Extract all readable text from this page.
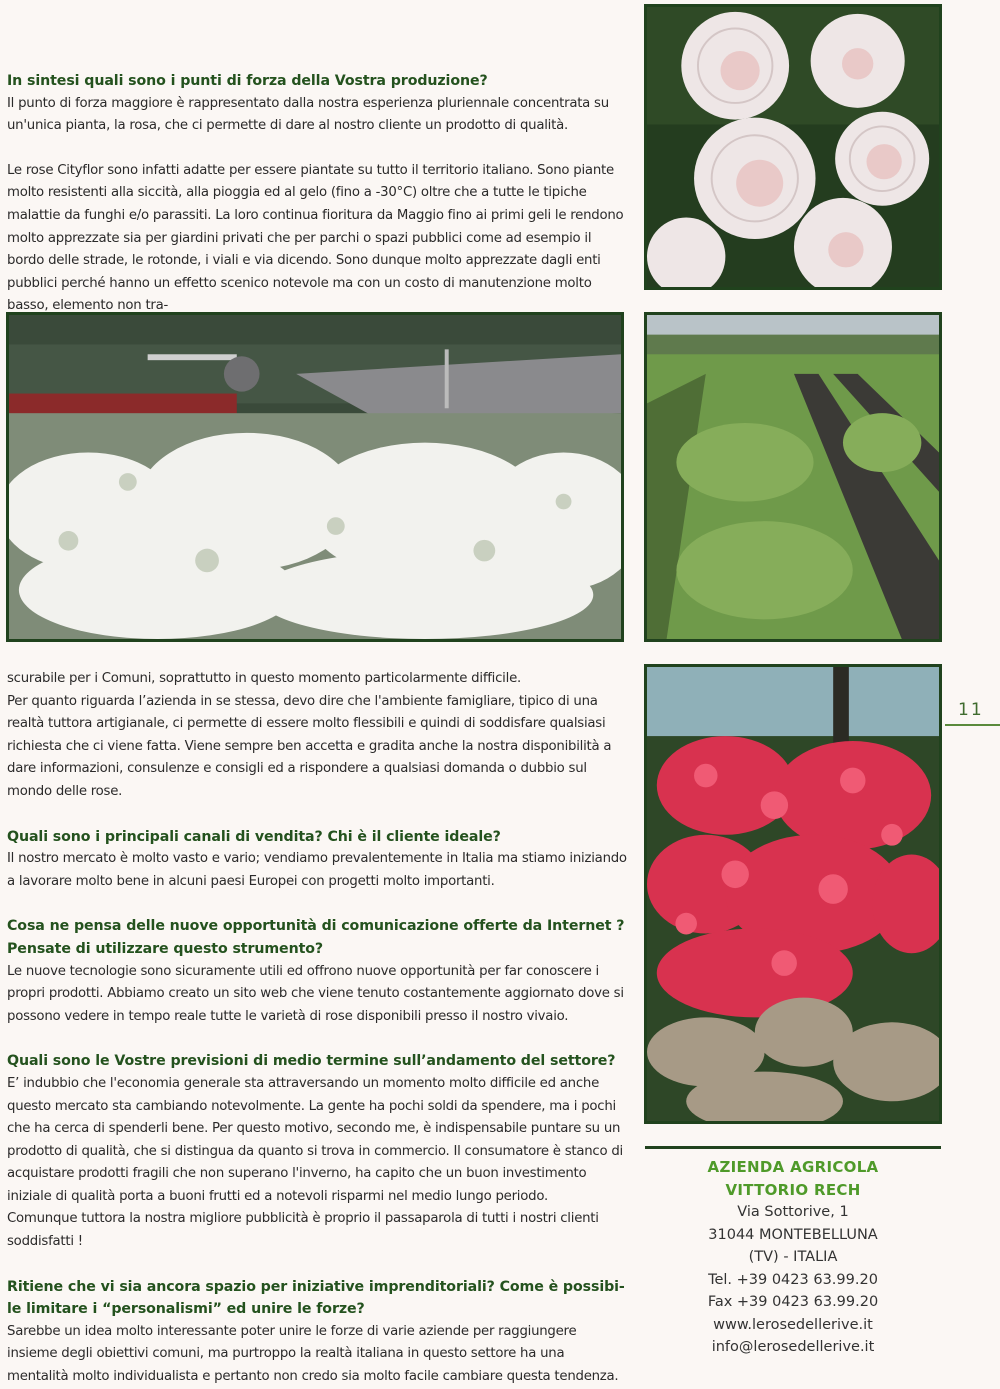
In sintesi quali sono i punti di forza della Vostra produzione?

Il punto di forza maggiore è rappresentato dalla nostra esperienza pluriennale concentrata su un'unica pianta, la rosa, che ci permette di dare al nostro cliente un prodotto di qualità.

Le rose Cityflor sono infatti adatte per essere piantate su tutto il territorio italiano. Sono piante molto resistenti alla siccità, alla pioggia ed al gelo (fino a -30°C) oltre che a tutte le tipiche malattie da funghi e/o parassiti. La loro continua fioritura da Maggio fino ai primi geli le rendono molto apprezzate sia per giardini privati che per parchi o spazi pubblici come ad esempio il bordo delle strade, le rotonde, i viali e via dicendo. Sono dunque molto apprezzate dagli enti pubblici perché hanno un effetto scenico notevole ma con un costo di manutenzione molto basso, elemento non tra-

scurabile per i Comuni, soprattutto in questo momento particolarmente difficile.

Per quanto riguarda l’azienda in se stessa, devo dire che l'ambiente famigliare, tipico di una realtà tuttora artigianale, ci permette di essere molto flessibili e quindi di soddisfare qualsiasi richiesta che ci viene fatta. Viene sempre ben accetta e gradita anche la nostra disponibilità a dare informazioni, consulenze e consigli ed a rispondere a qualsiasi domanda o dubbio sul mondo delle rose.

Quali sono i principali canali di vendita? Chi è il cliente ideale?

Il nostro mercato è molto vasto e vario; vendiamo prevalentemente in Italia ma stiamo iniziando a lavorare molto bene in alcuni paesi Europei con progetti molto importanti.

Cosa ne pensa delle nuove opportunità di comunicazione offerte da Internet ? Pensate di utilizzare questo strumento?

Le nuove tecnologie sono sicuramente utili ed offrono nuove opportunità per far conoscere i propri prodotti. Abbiamo creato un sito web che viene tenuto costantemente aggiornato dove si possono vedere in tempo reale tutte le varietà di rose disponibili presso il nostro vivaio.

Quali sono le Vostre previsioni di medio termine sull’andamento del settore?

E’ indubbio che l'economia generale sta attraversando un momento molto difficile ed anche questo mercato sta cambiando notevolmente. La gente ha pochi soldi da spendere, ma i pochi che ha cerca di spenderli bene. Per questo motivo, secondo me, è indispensabile puntare su un prodotto di qualità, che si distingua da quanto si trova in commercio. Il consumatore è stanco di acquistare prodotti fragili che non superano l'inverno, ha capito che un buon investimento iniziale di qualità porta a buoni frutti ed a notevoli risparmi nel medio lungo periodo.

Comunque tuttora la nostra migliore pubblicità è proprio il passaparola di tutti i nostri clienti soddisfatti !

Ritiene che vi sia ancora spazio per iniziative imprenditoriali? Come è possibile limitare i “personalismi” ed unire le forze?

Sarebbe un idea molto interessante poter unire le forze di varie aziende per raggiungere insieme degli obiettivi comuni, ma purtroppo la realtà italiana in questo settore ha una mentalità molto individualista e pertanto non credo sia molto facile cambiare questa tendenza.

11
AZIENDA AGRICOLA
VITTORIO RECH
Via Sottorive, 1
31044 MONTEBELLUNA
(TV) - ITALIA
Tel. +39 0423 63.99.20
Fax +39 0423 63.99.20
www.lerosedellerive.it
info@lerosedellerive.it
